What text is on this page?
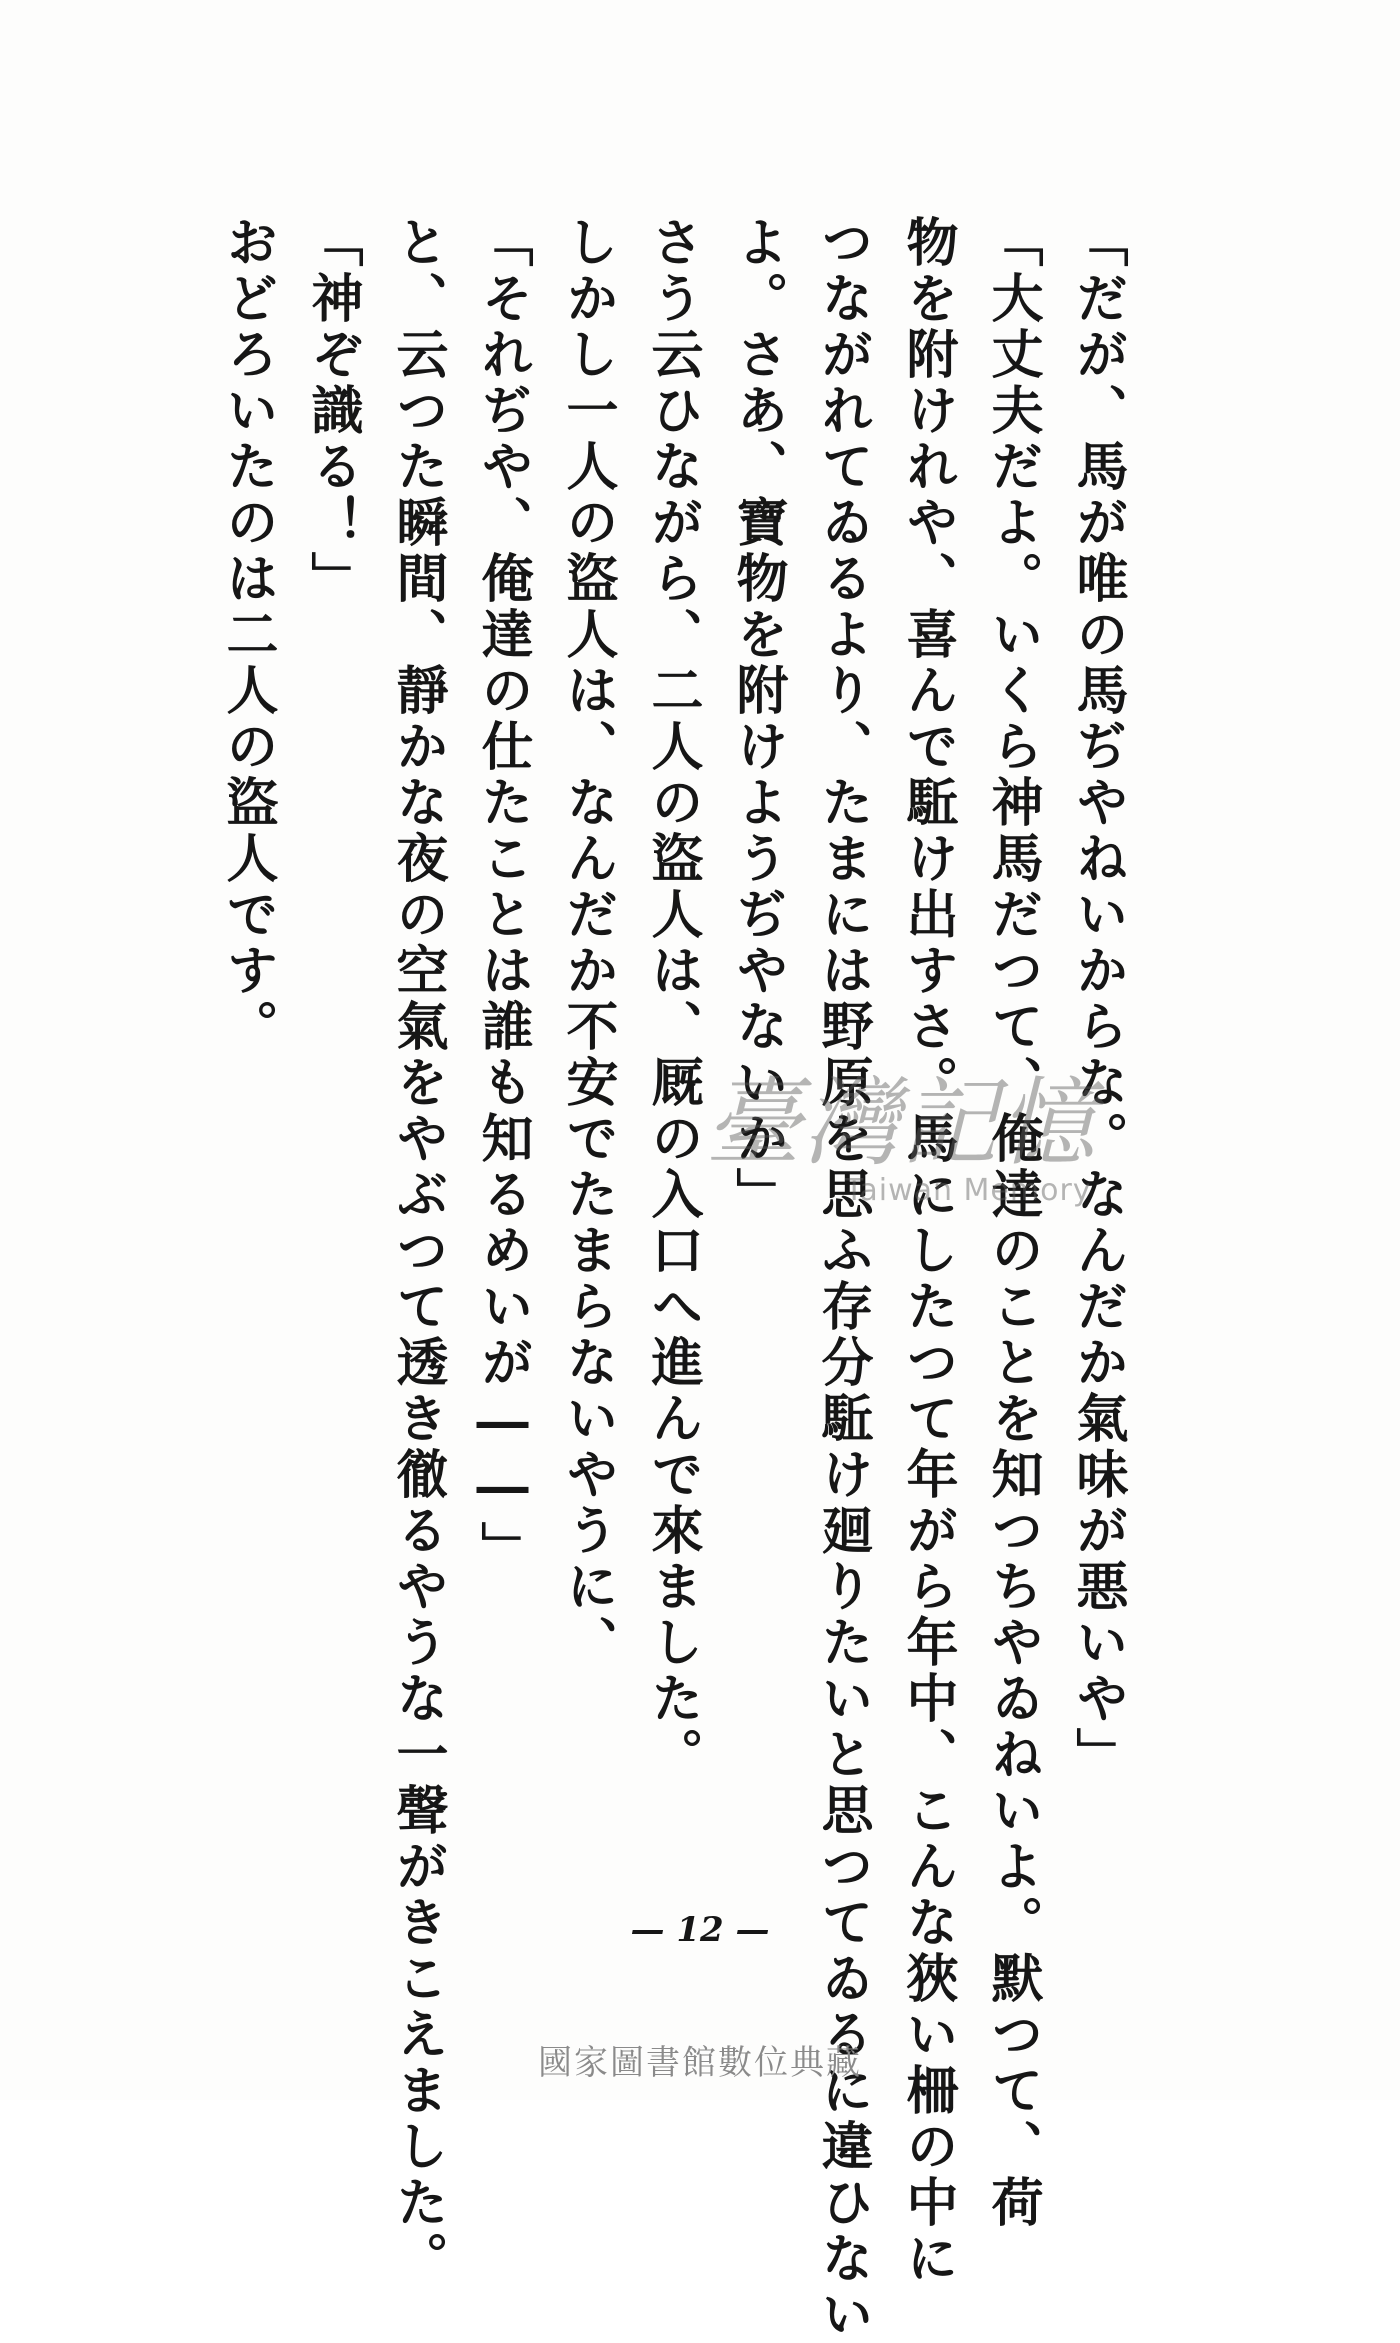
「だが、馬が唯の馬ぢやねいからな。なんだか氣味が悪いや」
「大丈夫だよ。いくら神馬だつて、俺達のことを知つちやゐねいよ。默つて、荷
物を附けれや、喜んで駈け出すさ。馬にしたつて年がら年中、こんな狹い柵の中に
つながれてゐるより、たまには野原を思ふ存分駈け廻りたいと思つてゐるに違ひない
よ。さあ、寶物を附けようぢやないか」
さう云ひながら、二人の盜人は、厩の入口へ進んで來ました。
しかし一人の盜人は、なんだか不安でたまらないやうに、
「それぢや、俺達の仕たことは誰も知るめいが――」
と、云つた瞬間、靜かな夜の空氣をやぶつて透き徹るやうな一聲がきこえました。
「神ぞ識る！」
おどろいたのは二人の盜人です。
臺灣記憶
Taiwan Memory
— 12 —
國家圖書館數位典藏
